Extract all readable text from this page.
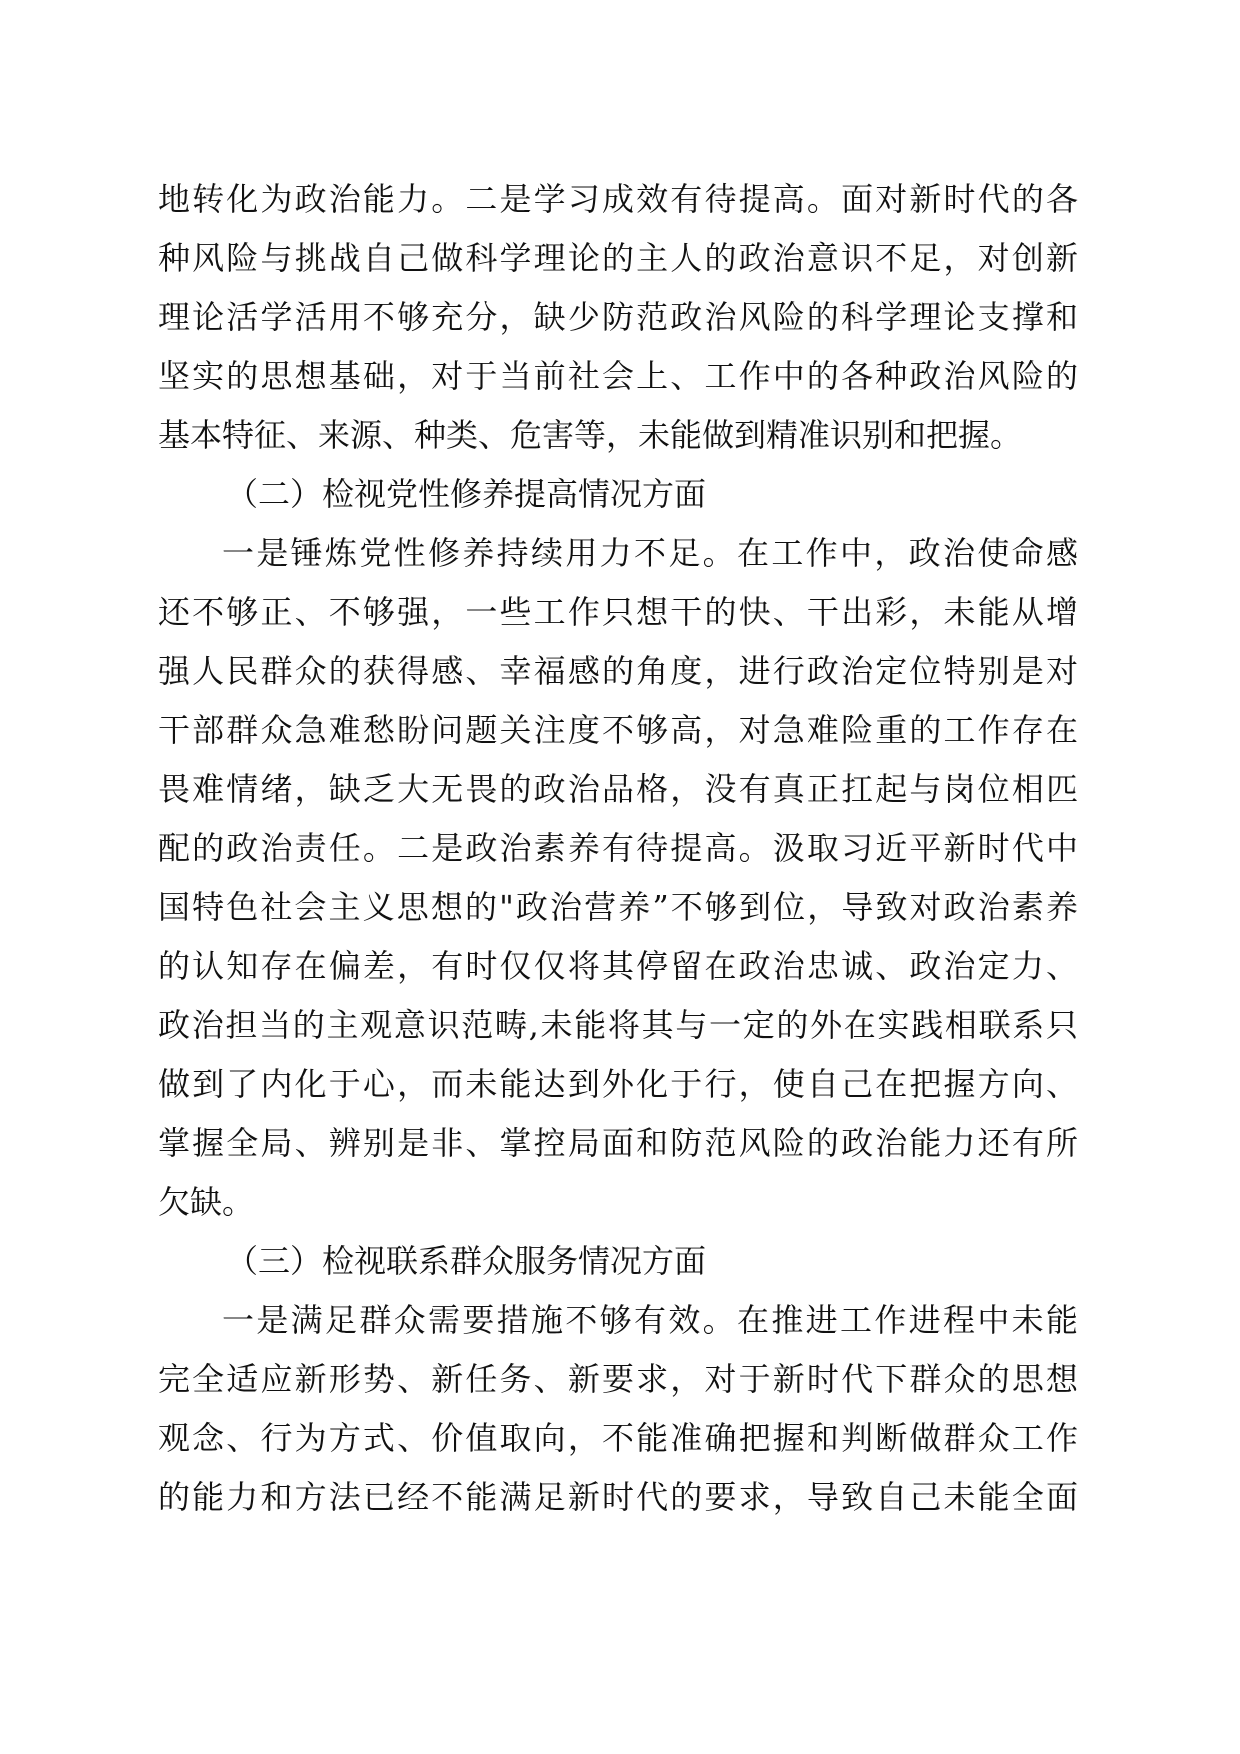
地转化为政治能力。二是学习成效有待提高。面对新时代的各
种风险与挑战自己做科学理论的主人的政治意识不足，对创新
理论活学活用不够充分，缺少防范政治风险的科学理论支撑和
坚实的思想基础，对于当前社会上、工作中的各种政治风险的
基本特征、来源、种类、危害等，未能做到精准识别和把握。
（二）检视党性修养提高情况方面
一是锤炼党性修养持续用力不足。在工作中，政治使命感
还不够正、不够强，一些工作只想干的快、干出彩，未能从增
强人民群众的获得感、幸福感的角度，进行政治定位特别是对
干部群众急难愁盼问题关注度不够高，对急难险重的工作存在
畏难情绪，缺乏大无畏的政治品格，没有真正扛起与岗位相匹
配的政治责任。二是政治素养有待提高。汲取习近平新时代中
国特色社会主义思想的"政治营养”不够到位，导致对政治素养
的认知存在偏差，有时仅仅将其停留在政治忠诚、政治定力、
政治担当的主观意识范畴,未能将其与一定的外在实践相联系只
做到了内化于心，而未能达到外化于行，使自己在把握方向、
掌握全局、辨别是非、掌控局面和防范风险的政治能力还有所
欠缺。
（三）检视联系群众服务情况方面
一是满足群众需要措施不够有效。在推进工作进程中未能
完全适应新形势、新任务、新要求，对于新时代下群众的思想
观念、行为方式、价值取向，不能准确把握和判断做群众工作
的能力和方法已经不能满足新时代的要求，导致自己未能全面
